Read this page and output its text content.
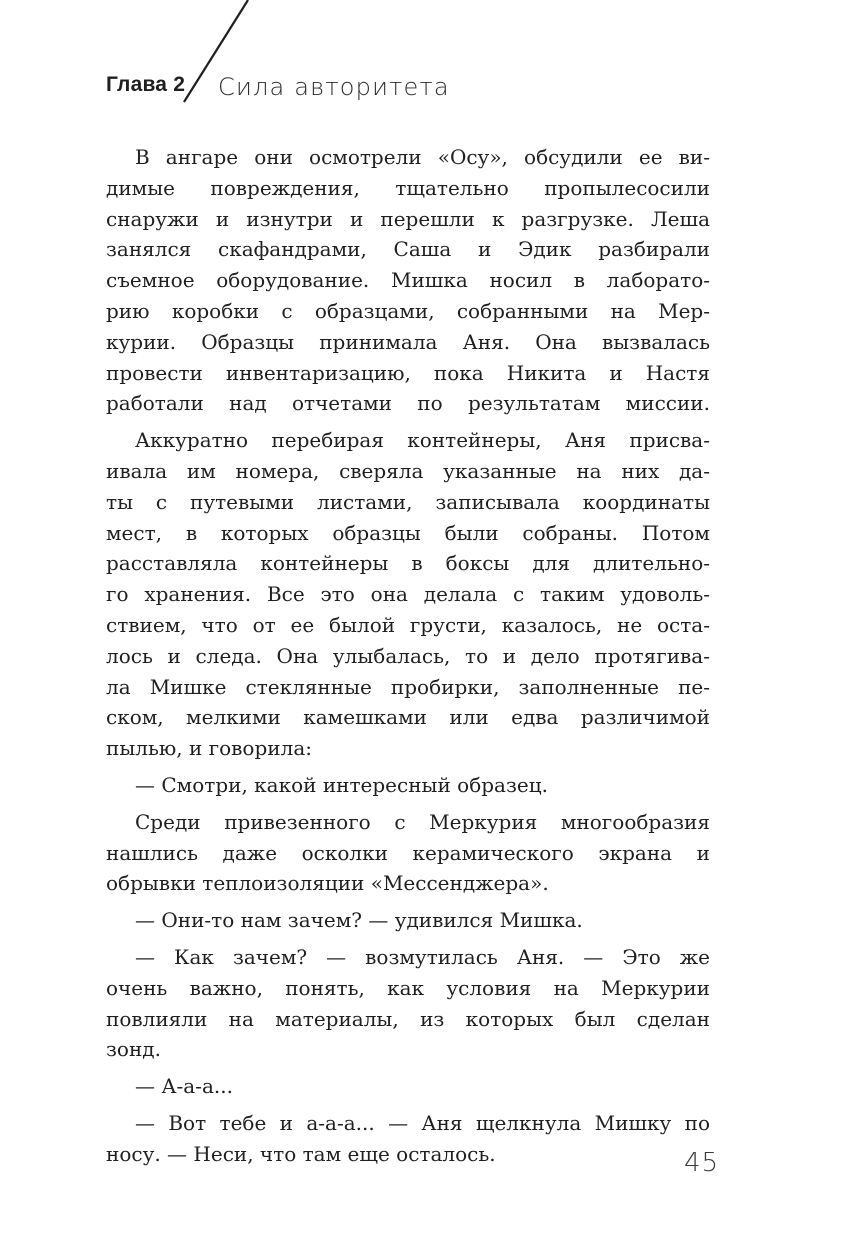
Глава 2 Сила авторитета
В ангаре они осмотрели «Осу», обсудили ее ви-
димые повреждения, тщательно пропылесосили
снаружи и изнутри и перешли к разгрузке. Леша
занялся скафандрами, Саша и Эдик разбирали
съемное оборудование. Мишка носил в лаборато-
рию коробки с образцами, собранными на Мер-
курии. Образцы принимала Аня. Она вызвалась
провести инвентаризацию, пока Никита и Настя
работали над отчетами по результатам миссии.
Аккуратно перебирая контейнеры, Аня присва-
ивала им номера, сверяла указанные на них да-
ты с путевыми листами, записывала координаты
мест, в которых образцы были собраны. Потом
расставляла контейнеры в боксы для длительно-
го хранения. Все это она делала с таким удоволь-
ствием, что от ее былой грусти, казалось, не оста-
лось и следа. Она улыбалась, то и дело протягива-
ла Мишке стеклянные пробирки, заполненные пе-
ском, мелкими камешками или едва различимой
пылью, и говорила:
— Смотри, какой интересный образец.
Среди привезенного с Меркурия многообразия
нашлись даже осколки керамического экрана и
обрывки теплоизоляции «Мессенджера».
— Они-то нам зачем? — удивился Мишка.
— Как зачем? — возмутилась Аня. — Это же
очень важно, понять, как условия на Меркурии
повлияли на материалы, из которых был сделан
зонд.
— А-а-а...
— Вот тебе и а-а-а... — Аня щелкнула Мишку по
носу. — Неси, что там еще осталось.	45
